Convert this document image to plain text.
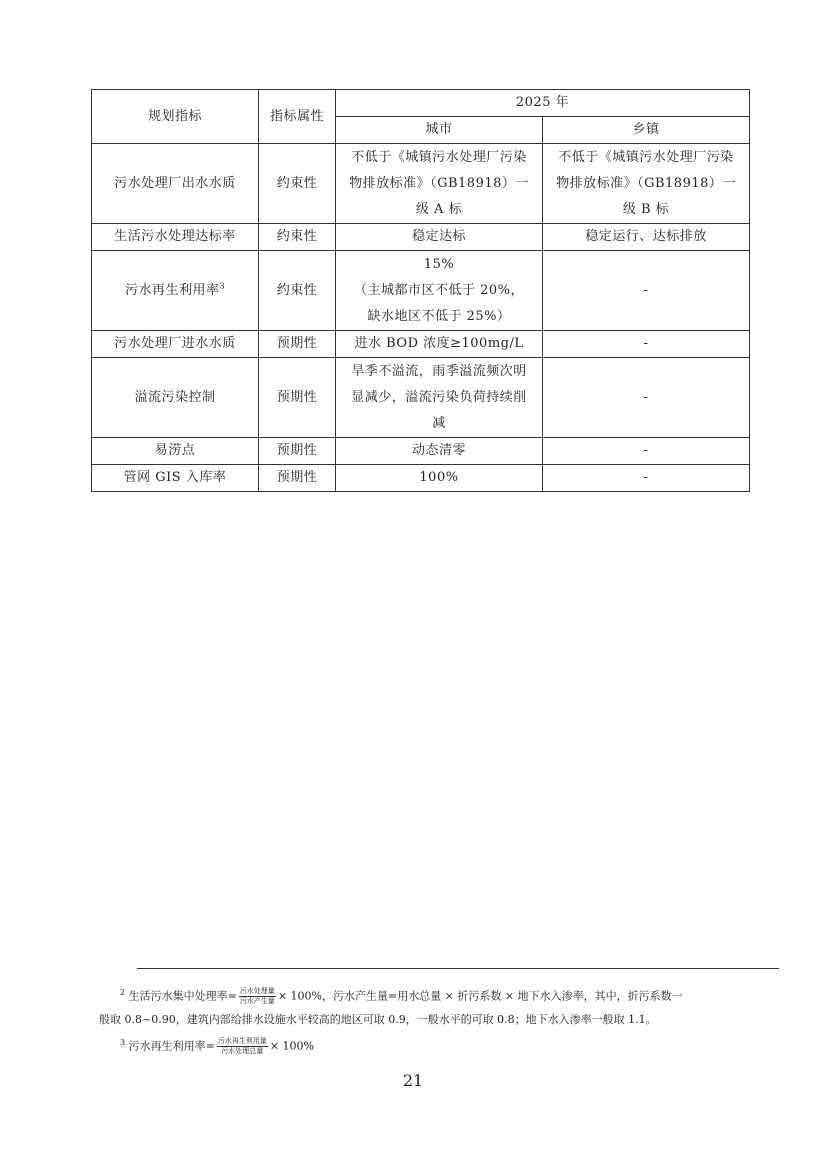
规划指标	指标属性	2025 年	
		城市	乡镇
污水处理厂出水水质	约束性	不低于《城镇污水处理厂污染
物排放标准》（GB18918）一
级 A 标	不低于《城镇污水处理厂污染
物排放标准》（GB18918）一
级 B 标

生活污水处理达标率	约束性	稳定达标	稳定运行、达标排放
污水再生利用率$^3$	约束性	15%
（主城都市区不低于 20%，
缺水地区不低于 25%）	-
污水处理厂进水水质	预期性	进水 BOD 浓度≥100mg/L	-
溢流污染控制	预期性	旱季不溢流，雨季溢流频次明
显减少，溢流污染负荷持续削
减	-
易涝点	预期性	动态清零	-
管网 GIS 入库率	预期性	100%	-
$^2$ 生活污水集中处理率= $\frac{\text{污水处理量}}{\text{污水产生量}} \times 100\%$，污水产生量=用水总量 × 折污系数 × 地下水入渗率，其中，折污系数一
般取 0.8~0.90，建筑内部给排水设施水平较高的地区可取 0.9，一般水平的可取 0.8；地下水入渗率一般取 1.1。
$^3$ 污水再生利用率= $\frac{\text{污水再生利用量}}{\text{污水处理总量}} \times 100\%$
21
